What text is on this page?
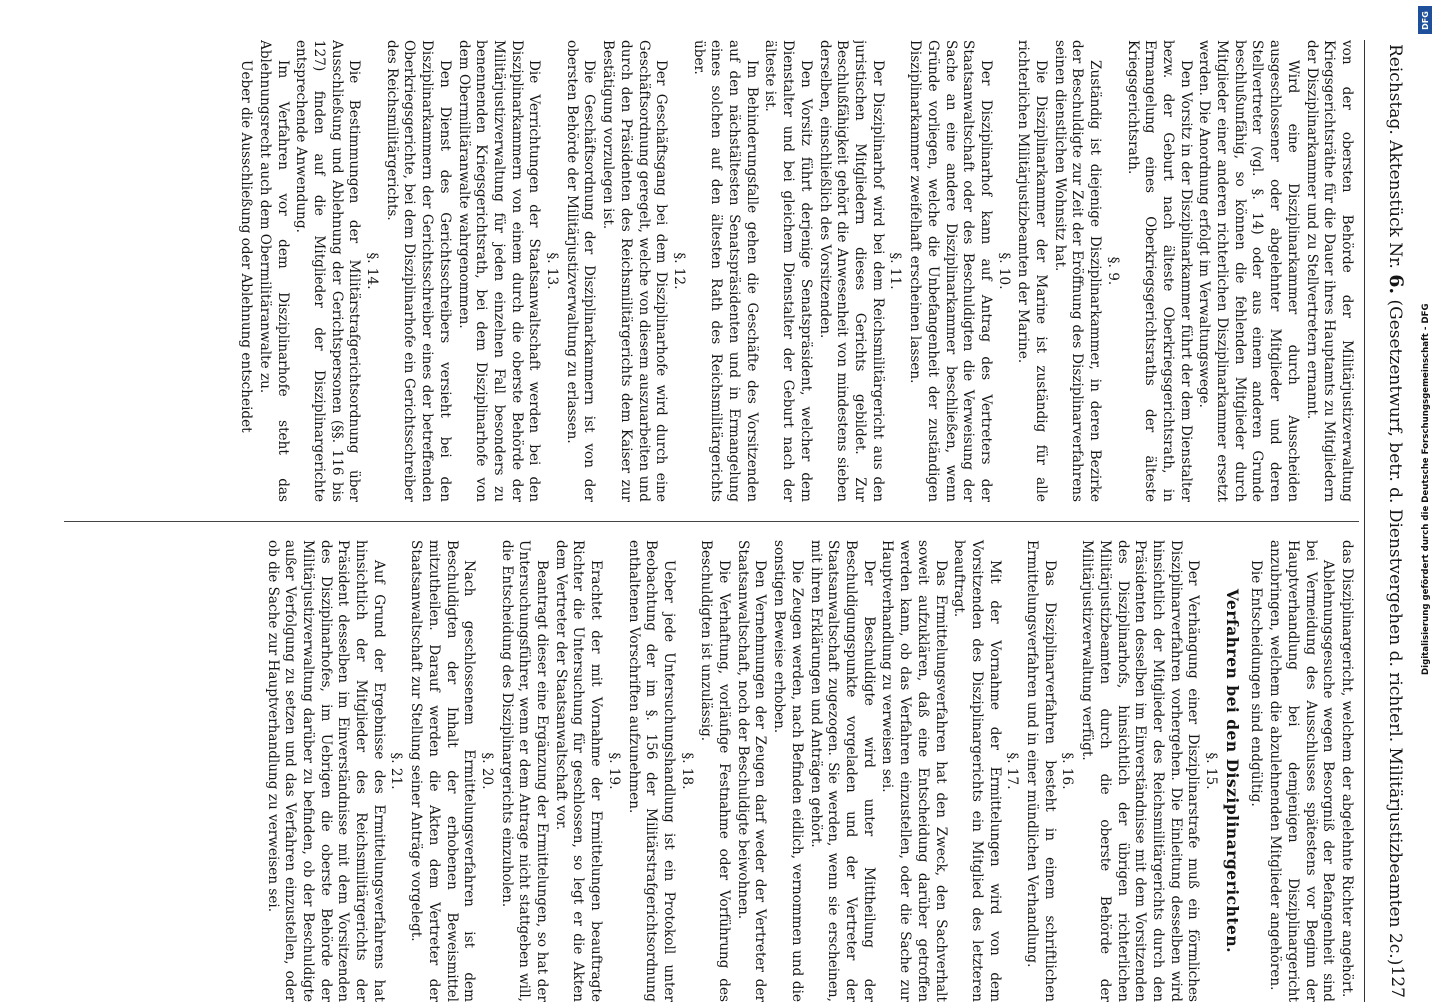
Reichstag. Aktenstück Nr. 6. (Gesetzentwurf, betr. d. Dienstvergehen d. richterl. Militärjustizbeamten 2c.)
127

von der obersten Behörde der Militärjustizverwaltung Kriegsgerichtsräthe für die Dauer ihres Hauptamts zu Mitgliedern der Disziplinarkammer und zu Stellvertretern ernannt.

Wird eine Disziplinarkammer durch Ausscheiden ausgeschlossener oder abgelehnter Mitglieder und deren Stellvertreter (vgl. §. 14) oder aus einem anderen Grunde beschlußunfähig, so können die fehlenden Mitglieder durch Mitglieder einer anderen richterlichen Disziplinarkammer ersetzt werden. Die Anordnung erfolgt im Verwaltungswege.

Den Vorsitz in der Disziplinarkammer führt der dem Dienstalter bezw. der Geburt nach älteste Oberkriegsgerichtsrath, in Ermangelung eines Oberkriegsgerichtsraths der älteste Kriegsgerichtsrath.

§. 9.

Zuständig ist diejenige Disziplinarkammer, in deren Bezirke der Beschuldigte zur Zeit der Eröffnung des Disziplinarverfahrens seinen dienstlichen Wohnsitz hat.

Die Disziplinarkammer der Marine ist zuständig für alle richterlichen Militärjustizbeamten der Marine.

§. 10.

Der Disziplinarhof kann auf Antrag des Vertreters der Staatsanwaltschaft oder des Beschuldigten die Verweisung der Sache an eine andere Disziplinarkammer beschließen, wenn Gründe vorliegen, welche die Unbefangenheit der zuständigen Disziplinarkammer zweifelhaft erscheinen lassen.

§. 11.

Der Disziplinarhof wird bei dem Reichsmilitärgericht aus den juristischen Mitgliedern dieses Gerichts gebildet. Zur Beschlußfähigkeit gehört die Anwesenheit von mindestens sieben derselben, einschließlich des Vorsitzenden.

Den Vorsitz führt derjenige Senatspräsident, welcher dem Dienstalter und bei gleichem Dienstalter der Geburt nach der älteste ist.

Im Behinderungsfalle gehen die Geschäfte des Vorsitzenden auf den nächstältesten Senatspräsidenten und in Ermangelung eines solchen auf den ältesten Rath des Reichsmilitärgerichts über.

§. 12.

Der Geschäftsgang bei dem Disziplinarhofe wird durch eine Geschäftsordnung geregelt, welche von diesem auszuarbeiten und durch den Präsidenten des Reichsmilitärgerichts dem Kaiser zur Bestätigung vorzulegen ist.

Die Geschäftsordnung der Disziplinarkammern ist von der obersten Behörde der Militärjustizverwaltung zu erlassen.

§. 13.

Die Verrichtungen der Staatsanwaltschaft werden bei den Disziplinarkammern von einem durch die oberste Behörde der Militärjustizverwaltung für jeden einzelnen Fall besonders zu benennenden Kriegsgerichtsrath, bei dem Disziplinarhofe von dem Obermilitäranwalte wahrgenommen.

Den Dienst des Gerichtsschreibers versieht bei den Disziplinarkammern der Gerichtsschreiber eines der betreffenden Oberkriegsgerichte, bei dem Disziplinarhofe ein Gerichtsschreiber des Reichsmilitärgerichts.

§. 14.

Die Bestimmungen der Militärstrafgerichtsordnung über Ausschließung und Ablehnung der Gerichtspersonen (§§. 116 bis 127) finden auf die Mitglieder der Disziplinargerichte entsprechende Anwendung.

Im Verfahren vor dem Disziplinarhofe steht das Ablehnungsrecht auch dem Obermilitäranwalte zu.

Ueber die Ausschließung oder Ablehnung entscheidet

das Disziplinargericht, welchem der abgelehnte Richter angehört.

Ablehnungsgesuche wegen Besorgniß der Befangenheit sind bei Vermeidung des Ausschlusses spätestens vor Beginn der Hauptverhandlung bei demjenigen Disziplinargericht anzubringen, welchem die abzulehnenden Mitglieder angehören.

Die Entscheidungen sind endgültig.

Verfahren bei den Disziplinargerichten.
§. 15.

Der Verhängung einer Disziplinarstrafe muß ein förmliches Disziplinarverfahren vorhergehen. Die Einleitung desselben wird hinsichtlich der Mitglieder des Reichsmilitärgerichts durch den Präsidenten desselben im Einverständnisse mit dem Vorsitzenden des Disziplinarhofs, hinsichtlich der übrigen richterlichen Militärjustizbeamten durch die oberste Behörde der Militärjustizverwaltung verfügt.

§. 16.

Das Disziplinarverfahren besteht in einem schriftlichen Ermittelungsverfahren und in einer mündlichen Verhandlung.

§. 17.

Mit der Vornahme der Ermittelungen wird von dem Vorsitzenden des Disziplinargerichts ein Mitglied des letzteren beauftragt.

Das Ermittelungsverfahren hat den Zweck, den Sachverhalt soweit aufzuklären, daß eine Entscheidung darüber getroffen werden kann, ob das Verfahren einzustellen, oder die Sache zur Hauptverhandlung zu verweisen sei.

Der Beschuldigte wird unter Mittheilung der Beschuldigungspunkte vorgeladen und der Vertreter der Staatsanwaltschaft zugezogen. Sie werden, wenn sie erscheinen, mit ihren Erklärungen und Anträgen gehört.

Die Zeugen werden, nach Befinden eidlich, vernommen und die sonstigen Beweise erhoben.

Den Vernehmungen der Zeugen darf weder der Vertreter der Staatsanwaltschaft, noch der Beschuldigte beiwohnen.

Die Verhaftung, vorläufige Festnahme oder Vorführung des Beschuldigten ist unzulässig.

§. 18.

Ueber jede Untersuchungshandlung ist ein Protokoll unter Beobachtung der im §. 156 der Militärstrafgerichtsordnung enthaltenen Vorschriften aufzunehmen.

§. 19.

Erachtet der mit Vornahme der Ermittelungen beauftragte Richter die Untersuchung für geschlossen, so legt er die Akten dem Vertreter der Staatsanwaltschaft vor.

Beantragt dieser eine Ergänzung der Ermittelungen, so hat der Untersuchungsführer, wenn er dem Antrage nicht stattgeben will, die Entscheidung des Disziplinargerichts einzuholen.

§. 20.

Nach geschlossenem Ermittelungsverfahren ist dem Beschuldigten der Inhalt der erhobenen Beweismittel mitzutheilen. Darauf werden die Akten dem Vertreter der Staatsanwaltschaft zur Stellung seiner Anträge vorgelegt.

§. 21.

Auf Grund der Ergebnisse des Ermittelungsverfahrens hat hinsichtlich der Mitglieder des Reichsmilitärgerichts der Präsident desselben im Einverständnisse mit dem Vorsitzenden des Disziplinarhofes, im Uebrigen die oberste Behörde der Militärjustizverwaltung darüber zu befinden, ob der Beschuldigte außer Verfolgung zu setzen und das Verfahren einzustellen, oder ob die Sache zur Hauptverhandlung zu verweisen sei.

DFG
Digitalisierung gefördert durch die Deutsche Forschungsgemeinschaft - DFG
